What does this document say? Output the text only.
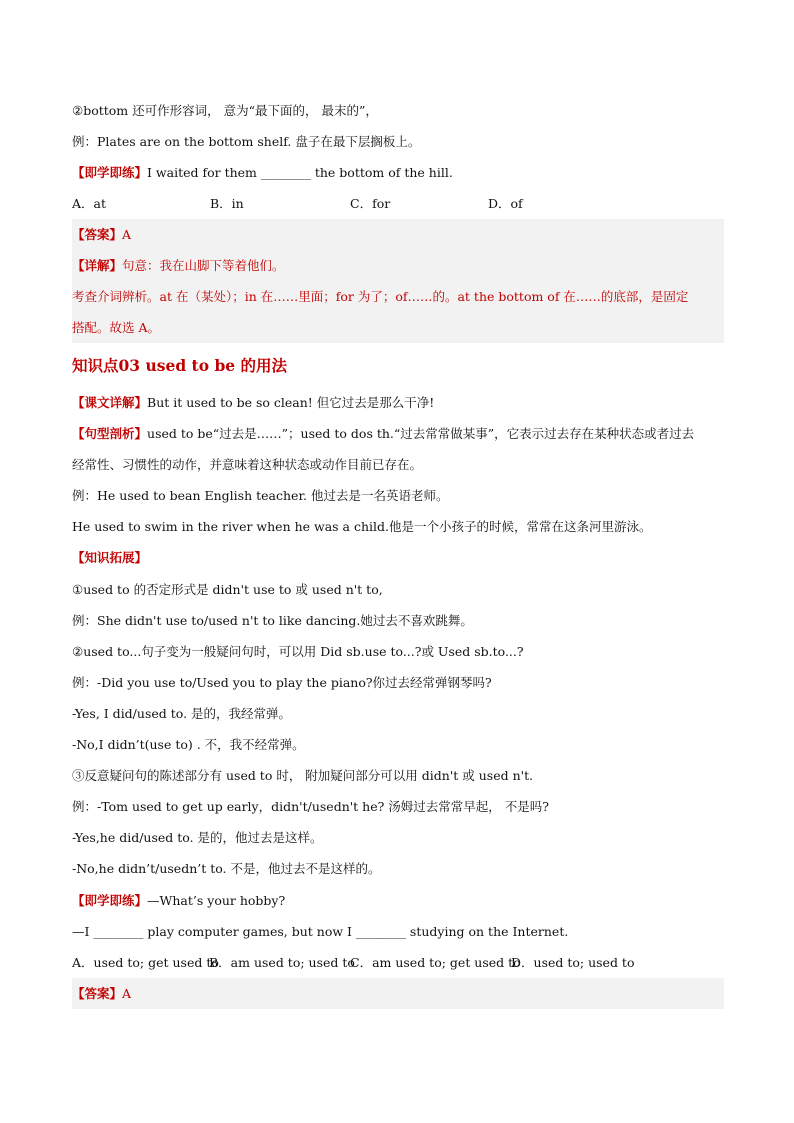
②bottom 还可作形容词， 意为“最下面的， 最末的”，
例：Plates are on the bottom shelf. 盘子在最下层搁板上。
【即学即练】I waited for them ________ the bottom of the hill.
A．at	B．in	C．for	D．of
【答案】A
【详解】句意：我在山脚下等着他们。
考查介词辨析。at 在（某处）；in 在……里面；for 为了；of……的。at the bottom of 在……的底部，是固定
搭配。故选 A。
知识点03 used to be 的用法
【课文详解】But it used to be so clean! 但它过去是那么干净!
【句型剖析】used to be“过去是……”；used to dos th.“过去常常做某事”，它表示过去存在某种状态或者过去
经常性、习惯性的动作，并意味着这种状态或动作目前已存在。
例：He used to bean English teacher. 他过去是一名英语老师。
He used to swim in the river when he was a child.他是一个小孩子的时候，常常在这条河里游泳。
【知识拓展】
①used to 的否定形式是 didn't use to 或 used n't to,
例：She didn't use to/used n't to like dancing.她过去不喜欢跳舞。
②used to...句子变为一般疑问句时，可以用 Did sb.use to...?或 Used sb.to...?
例：-Did you use to/Used you to play the piano?你过去经常弹钢琴吗?
-Yes, I did/used to. 是的，我经常弹。
-No,I didn’t(use to) . 不，我不经常弹。
③反意疑问句的陈述部分有 used to 时， 附加疑问部分可以用 didn't 或 used n't.
例：-Tom used to get up early，didn't/usedn't he? 汤姆过去常常早起， 不是吗?
-Yes,he did/used to. 是的，他过去是这样。
-No,he didn’t/usedn’t to. 不是，他过去不是这样的。
【即学即练】—What’s your hobby?
—I ________ play computer games, but now I ________ studying on the Internet.
A．used to; get used toB．am used to; used toC．am used to; get used toD．used to; used to
【答案】A
